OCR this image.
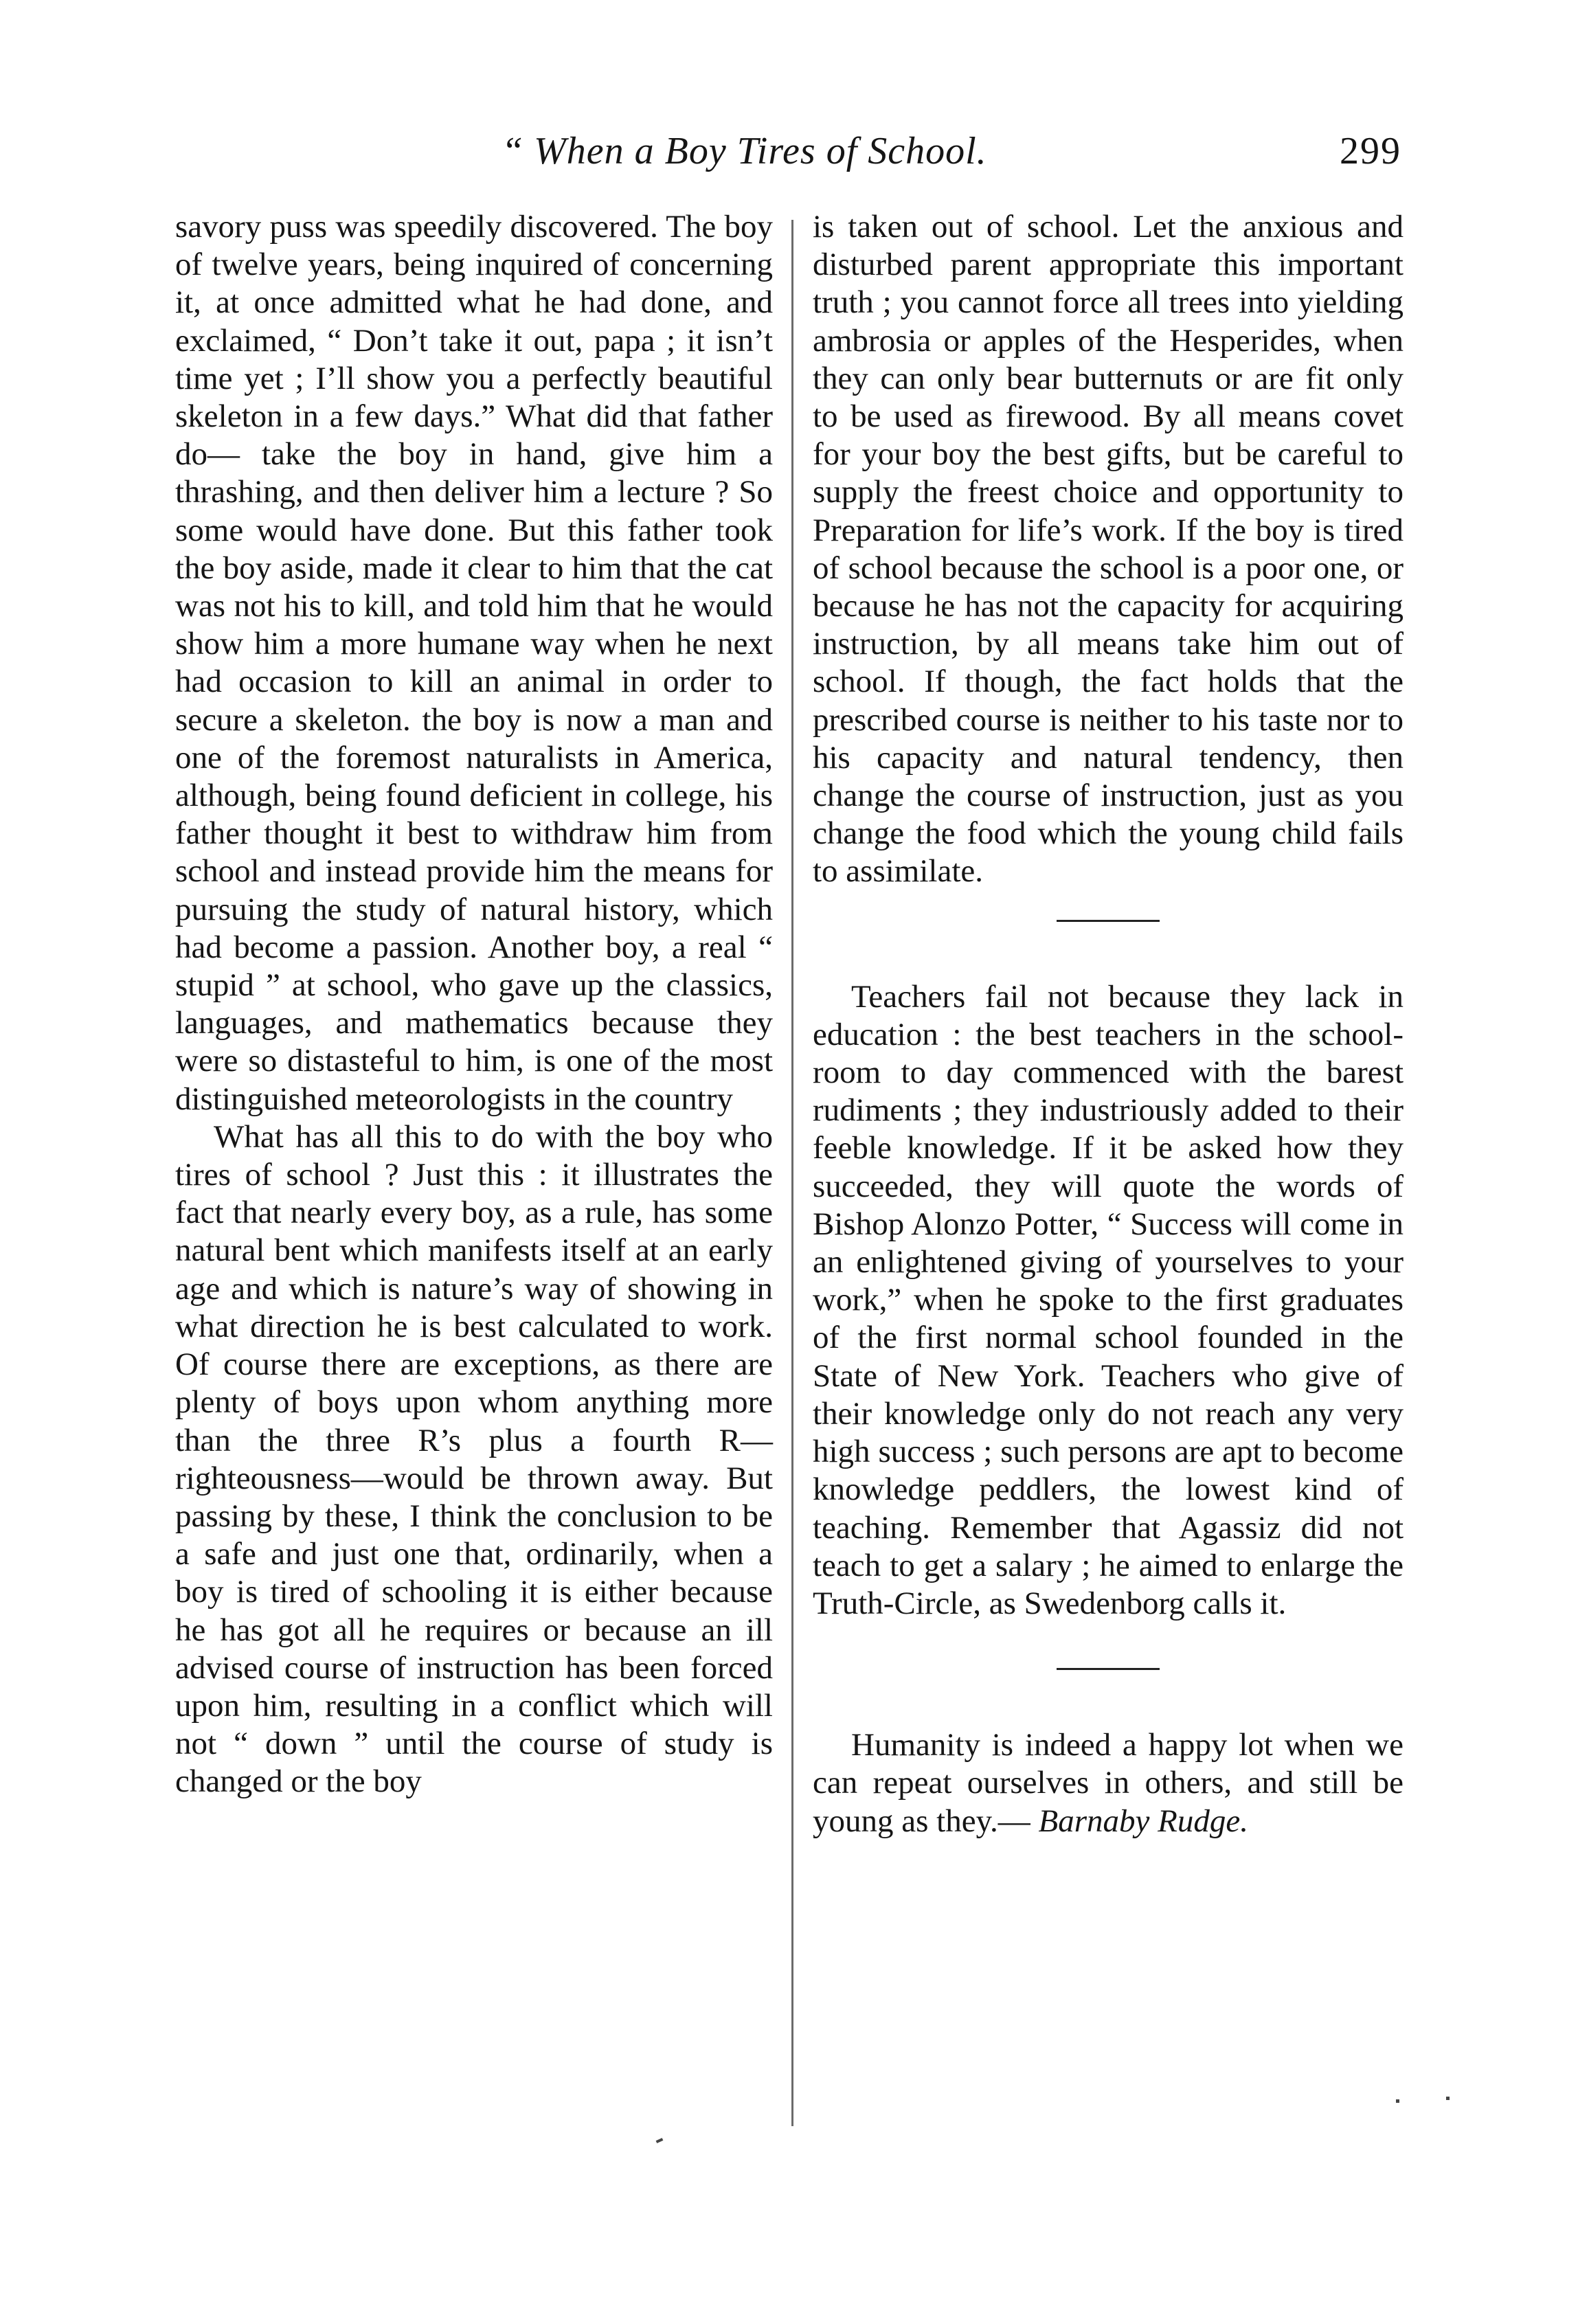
“ When a Boy Tires of School.	299

savory puss was speedily discovered. The boy of twelve years, being inquired of concerning it, at once admitted what he had done, and exclaimed, “ Don’t take it out, papa ; it isn’t time yet ; I’ll show you a perfectly beautiful skeleton in a few days.” What did that father do— take the boy in hand, give him a thrashing, and then deliver him a lecture ? So some would have done. But this father took the boy aside, made it clear to him that the cat was not his to kill, and told him that he would show him a more humane way when he next had occasion to kill an animal in order to secure a skeleton. the boy is now a man and one of the foremost naturalists in America, although, being found deficient in college, his father thought it best to withdraw him from school and instead provide him the means for pursuing the study of natural history, which had become a passion. Another boy, a real “ stupid ” at school, who gave up the classics, languages, and mathematics because they were so distasteful to him, is one of the most distinguished meteorologists in the country

What has all this to do with the boy who tires of school ? Just this : it illustrates the fact that nearly every boy, as a rule, has some natural bent which manifests itself at an early age and which is nature’s way of showing in what direction he is best calculated to work. Of course there are exceptions, as there are plenty of boys upon whom anything more than the three R’s plus a fourth R—righteousness—would be thrown away. But passing by these, I think the conclusion to be a safe and just one that, ordinarily, when a boy is tired of schooling it is either because he has got all he requires or because an ill advised course of instruction has been forced upon him, resulting in a conflict which will not “ down ” until the course of study is changed or the boy

is taken out of school. Let the anxious and disturbed parent appropriate this important truth ; you cannot force all trees into yielding ambrosia or apples of the Hesperides, when they can only bear butternuts or are fit only to be used as firewood. By all means covet for your boy the best gifts, but be careful to supply the freest choice and opportunity to Preparation for life’s work. If the boy is tired of school because the school is a poor one, or because he has not the capacity for acquiring instruction, by all means take him out of school. If though, the fact holds that the prescribed course is neither to his taste nor to his capacity and natural tendency, then change the course of instruction, just as you change the food which the young child fails to assimilate.

Teachers fail not because they lack in education : the best teachers in the school-room to day commenced with the barest rudiments ; they industriously added to their feeble knowledge. If it be asked how they succeeded, they will quote the words of Bishop Alonzo Potter, “ Success will come in an enlightened giving of yourselves to your work,” when he spoke to the first graduates of the first normal school founded in the State of New York. Teachers who give of their knowledge only do not reach any very high success ; such persons are apt to become knowledge peddlers, the lowest kind of teaching. Remember that Agassiz did not teach to get a salary ; he aimed to enlarge the Truth-Circle, as Swedenborg calls it.

Humanity is indeed a happy lot when we can repeat ourselves in others, and still be young as they.— Barnaby Rudge.
